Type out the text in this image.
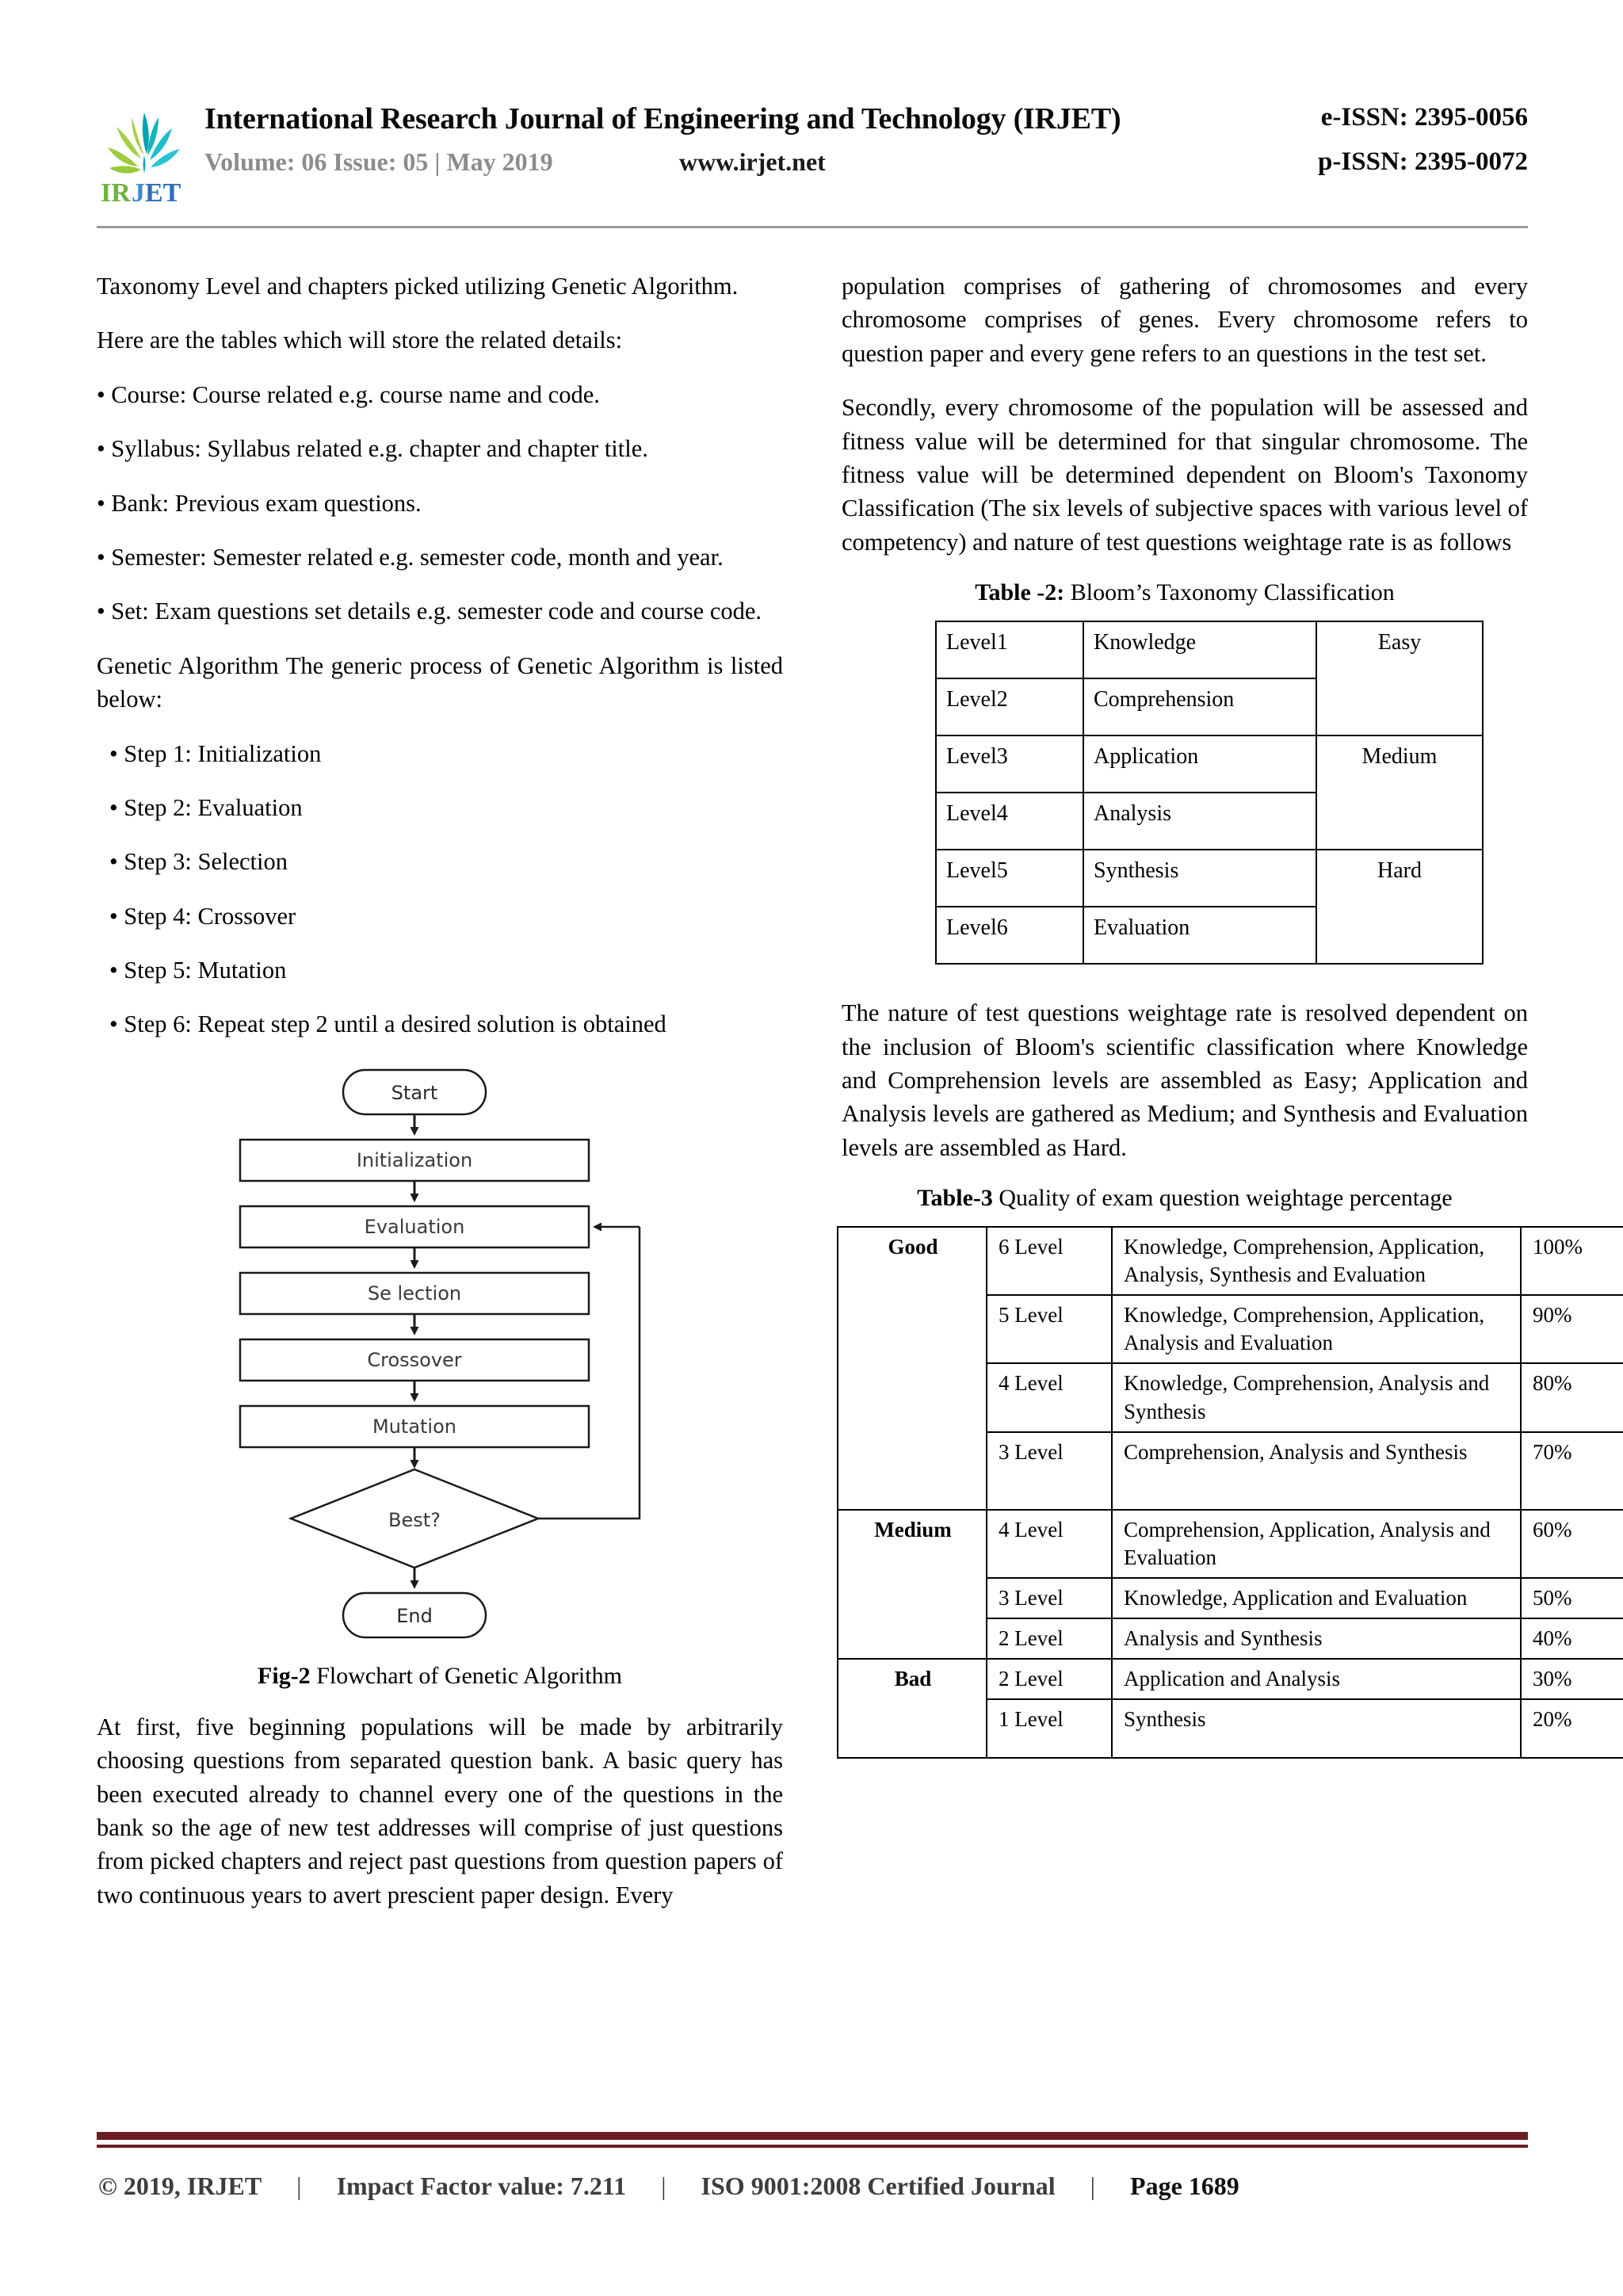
IR J ET
International Research Journal of Engineering and Technology (IRJET)	e-ISSN: 2395-0056
Volume: 06 Issue: 05 | May 2019	www.irjet.net	p-ISSN: 2395-0072

Taxonomy Level and chapters picked utilizing Genetic Algorithm.

Here are the tables which will store the related details:

• Course: Course related e.g. course name and code.

• Syllabus: Syllabus related e.g. chapter and chapter title.

• Bank: Previous exam questions.

• Semester: Semester related e.g. semester code, month and year.

• Set: Exam questions set details e.g. semester code and course code.

Genetic Algorithm The generic process of Genetic Algorithm is listed below:

• Step 1: Initialization

• Step 2: Evaluation

• Step 3: Selection

• Step 4: Crossover

• Step 5: Mutation

• Step 6: Repeat step 2 until a desired solution is obtained

Start
Initialization
Evaluation
Se lection
Crossover
Mutation
Best?
End
Fig-2 Flowchart of Genetic Algorithm

At first, five beginning populations will be made by arbitrarily choosing questions from separated question bank. A basic query has been executed already to channel every one of the questions in the bank so the age of new test addresses will comprise of just questions from picked chapters and reject past questions from question papers of two continuous years to avert prescient paper design. Every

population comprises of gathering of chromosomes and every chromosome comprises of genes. Every chromosome refers to question paper and every gene refers to an questions in the test set.

Secondly, every chromosome of the population will be assessed and fitness value will be determined for that singular chromosome. The fitness value will be determined dependent on Bloom's Taxonomy Classification (The six levels of subjective spaces with various level of competency) and nature of test questions weightage rate is as follows

Table -2: Bloom’s Taxonomy Classification
Level1	Knowledge	Easy
Level2	Comprehension	
Level3	Application	Medium
Level4	Analysis	
Level5	Synthesis	Hard
Level6	Evaluation	

The nature of test questions weightage rate is resolved dependent on the inclusion of Bloom's scientific classification where Knowledge and Comprehension levels are assembled as Easy; Application and Analysis levels are gathered as Medium; and Synthesis and Evaluation levels are assembled as Hard.

Table-3 Quality of exam question weightage percentage
Good	6 Level	Knowledge, Comprehension, Application, Analysis, Synthesis and Evaluation	100%
	5 Level	Knowledge, Comprehension, Application, Analysis and Evaluation	90%
	4 Level	Knowledge, Comprehension, Analysis and Synthesis	80%
	3 Level	Comprehension, Analysis and Synthesis	70%
Medium	4 Level	Comprehension, Application, Analysis and Evaluation	60%
	3 Level	Knowledge, Application and Evaluation	50%
	2 Level	Analysis and Synthesis	40%
Bad	2 Level	Application and Analysis	30%
	1 Level	Synthesis	20%
© 2019, IRJET | Impact Factor value: 7.211 | ISO 9001:2008 Certified Journal | Page 1689
